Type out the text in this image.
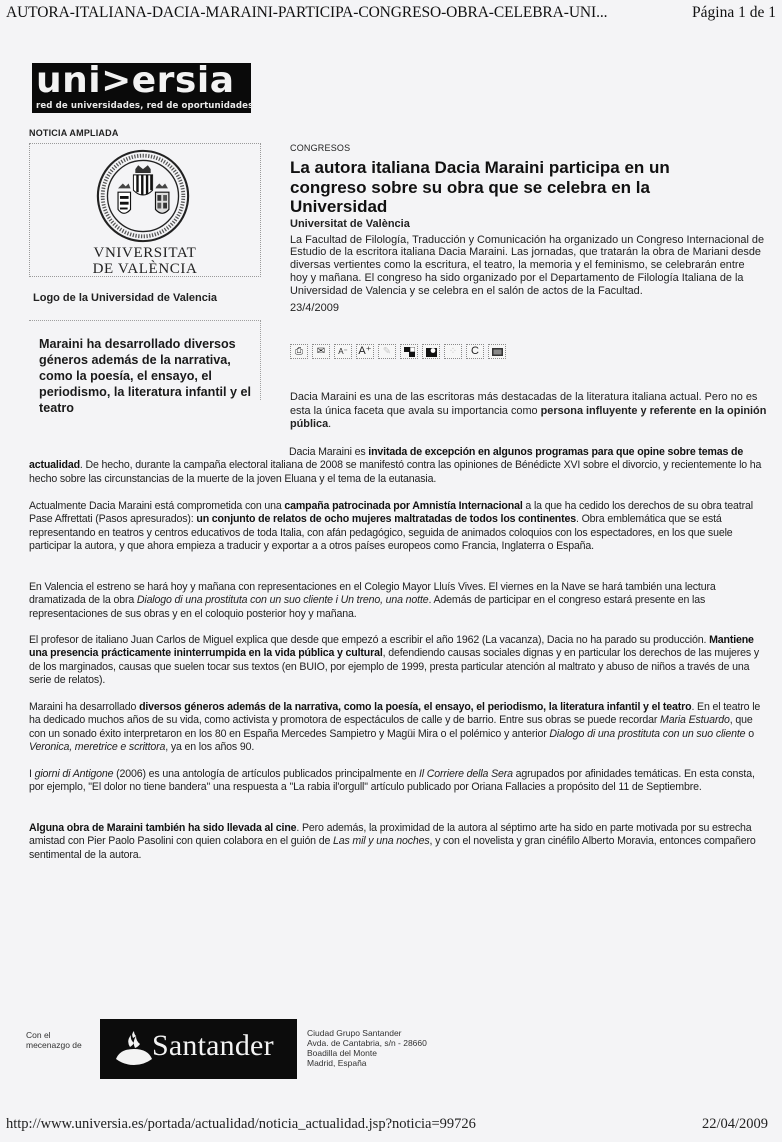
AUTORA-ITALIANA-DACIA-MARAINI-PARTICIPA-CONGRESO-OBRA-CELEBRA-UNI...	Página 1 de 1
uni>ersia
red de universidades, red de oportunidades
NOTICIA AMPLIADA
VNIVERSITAT
DE VALÈNCIA
Logo de la Universidad de Valencia
Maraini ha desarrollado diversos géneros además de la narrativa, como la poesía, el ensayo, el periodismo, la literatura infantil y el teatro
CONGRESOS
La autora italiana Dacia Maraini participa en un congreso sobre su obra que se celebra en la Universidad
Universitat de València

La Facultad de Filología, Traducción y Comunicación ha organizado un Congreso Internacional de Estudio de la escritora italiana Dacia Maraini. Las jornadas, que tratarán la obra de Mariani desde diversas vertientes como la escritura, el teatro, la memoria y el feminismo, se celebrarán entre hoy y mañana. El congreso ha sido organizado por el Departamento de Filología Italiana de la Universidad de Valencia y se celebra en el salón de actos de la Facultad.

23/4/2009
⎙	✉	A⁻ A⁺	✎	⁘	C

Dacia Maraini es una de las escritoras más destacadas de la literatura italiana actual. Pero no es esta la única faceta que avala su importancia como persona influyente y referente en la opinión pública.

Dacia Maraini es invitada de excepción en algunos programas para que opine sobre temas de actualidad. De hecho, durante la campaña electoral italiana de 2008 se manifestó contra las opiniones de Bénédicte XVI sobre el divorcio, y recientemente lo ha hecho sobre las circunstancias de la muerte de la joven Eluana y el tema de la eutanasia.

Actualmente Dacia Maraini está comprometida con una campaña patrocinada por Amnistía Internacional a la que ha cedido los derechos de su obra teatral Pase Affrettati (Pasos apresurados): un conjunto de relatos de ocho mujeres maltratadas de todos los continentes. Obra emblemática que se está representando en teatros y centros educativos de toda Italia, con afán pedagógico, seguida de animados coloquios con los espectadores, en los que suele participar la autora, y que ahora empieza a traducir y exportar a a otros países europeos como Francia, Inglaterra o España.

En Valencia el estreno se hará hoy y mañana con representaciones en el Colegio Mayor Lluís Vives. El viernes en la Nave se hará también una lectura dramatizada de la obra Dialogo di una prostituta con un suo cliente i Un treno, una notte. Además de participar en el congreso estará presente en las representaciones de sus obras y en el coloquio posterior hoy y mañana.

El profesor de italiano Juan Carlos de Miguel explica que desde que empezó a escribir el año 1962 (La vacanza), Dacia no ha parado su producción. Mantiene una presencia prácticamente ininterrumpida en la vida pública y cultural, defendiendo causas sociales dignas y en particular los derechos de las mujeres y de los marginados, causas que suelen tocar sus textos (en BUIO, por ejemplo de 1999, presta particular atención al maltrato y abuso de niños a través de una serie de relatos).

Maraini ha desarrollado diversos géneros además de la narrativa, como la poesía, el ensayo, el periodismo, la literatura infantil y el teatro. En el teatro le ha dedicado muchos años de su vida, como activista y promotora de espectáculos de calle y de barrio. Entre sus obras se puede recordar Maria Estuardo, que con un sonado éxito interpretaron en los 80 en España Mercedes Sampietro y Magüi Mira o el polémico y anterior Dialogo di una prostituta con un suo cliente o Veronica, meretrice e scrittora, ya en los años 90.

I giorni di Antigone (2006) es una antología de artículos publicados principalmente en Il Corriere della Sera agrupados por afinidades temáticas. En esta consta, por ejemplo, "El dolor no tiene bandera" una respuesta a "La rabia il'orgull" artículo publicado por Oriana Fallacies a propósito del 11 de Septiembre.

Alguna obra de Maraini también ha sido llevada al cine. Pero además, la proximidad de la autora al séptimo arte ha sido en parte motivada por su estrecha amistad con Pier Paolo Pasolini con quien colabora en el guión de Las mil y una noches, y con el novelista y gran cinéfilo Alberto Moravia, entonces compañero sentimental de la autora.

Con el
mecenazgo de Santander	Ciudad Grupo Santander
Avda. de Cantabria, s/n - 28660
Boadilla del Monte
Madrid, España
http://www.universia.es/portada/actualidad/noticia_actualidad.jsp?noticia=99726	22/04/2009
